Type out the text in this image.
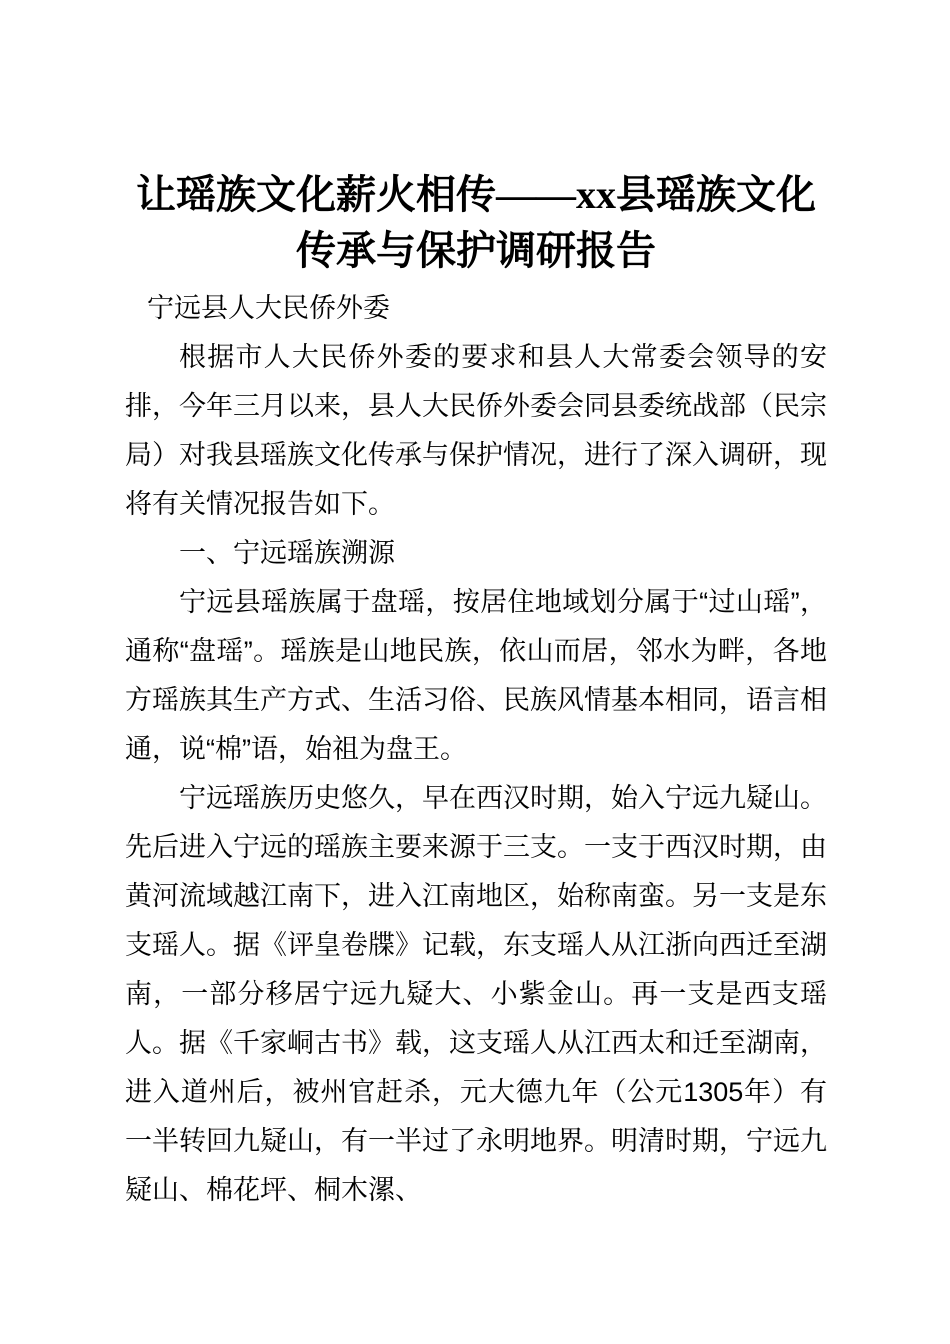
让瑶族文化薪火相传——xx县瑶族文化传承与保护调研报告

宁远县人大民侨外委

根据市人大民侨外委的要求和县人大常委会领导的安排，今年三月以来，县人大民侨外委会同县委统战部（民宗局）对我县瑶族文化传承与保护情况，进行了深入调研，现将有关情况报告如下。

一、宁远瑶族溯源

宁远县瑶族属于盘瑶，按居住地域划分属于“过山瑶”，通称“盘瑶”。瑶族是山地民族，依山而居，邻水为畔，各地方瑶族其生产方式、生活习俗、民族风情基本相同，语言相通，说“棉”语，始祖为盘王。

宁远瑶族历史悠久，早在西汉时期，始入宁远九疑山。先后进入宁远的瑶族主要来源于三支。一支于西汉时期，由黄河流域越江南下，进入江南地区，始称南蛮。另一支是东支瑶人。据《评皇卷牒》记载，东支瑶人从江浙向西迁至湖南，一部分移居宁远九疑大、小紫金山。再一支是西支瑶人。据《千家峒古书》载，这支瑶人从江西太和迁至湖南，进入道州后，被州官赶杀，元大德九年（公元1305年）有一半转回九疑山，有一半过了永明地界。明清时期，宁远九疑山、棉花坪、桐木漯、
